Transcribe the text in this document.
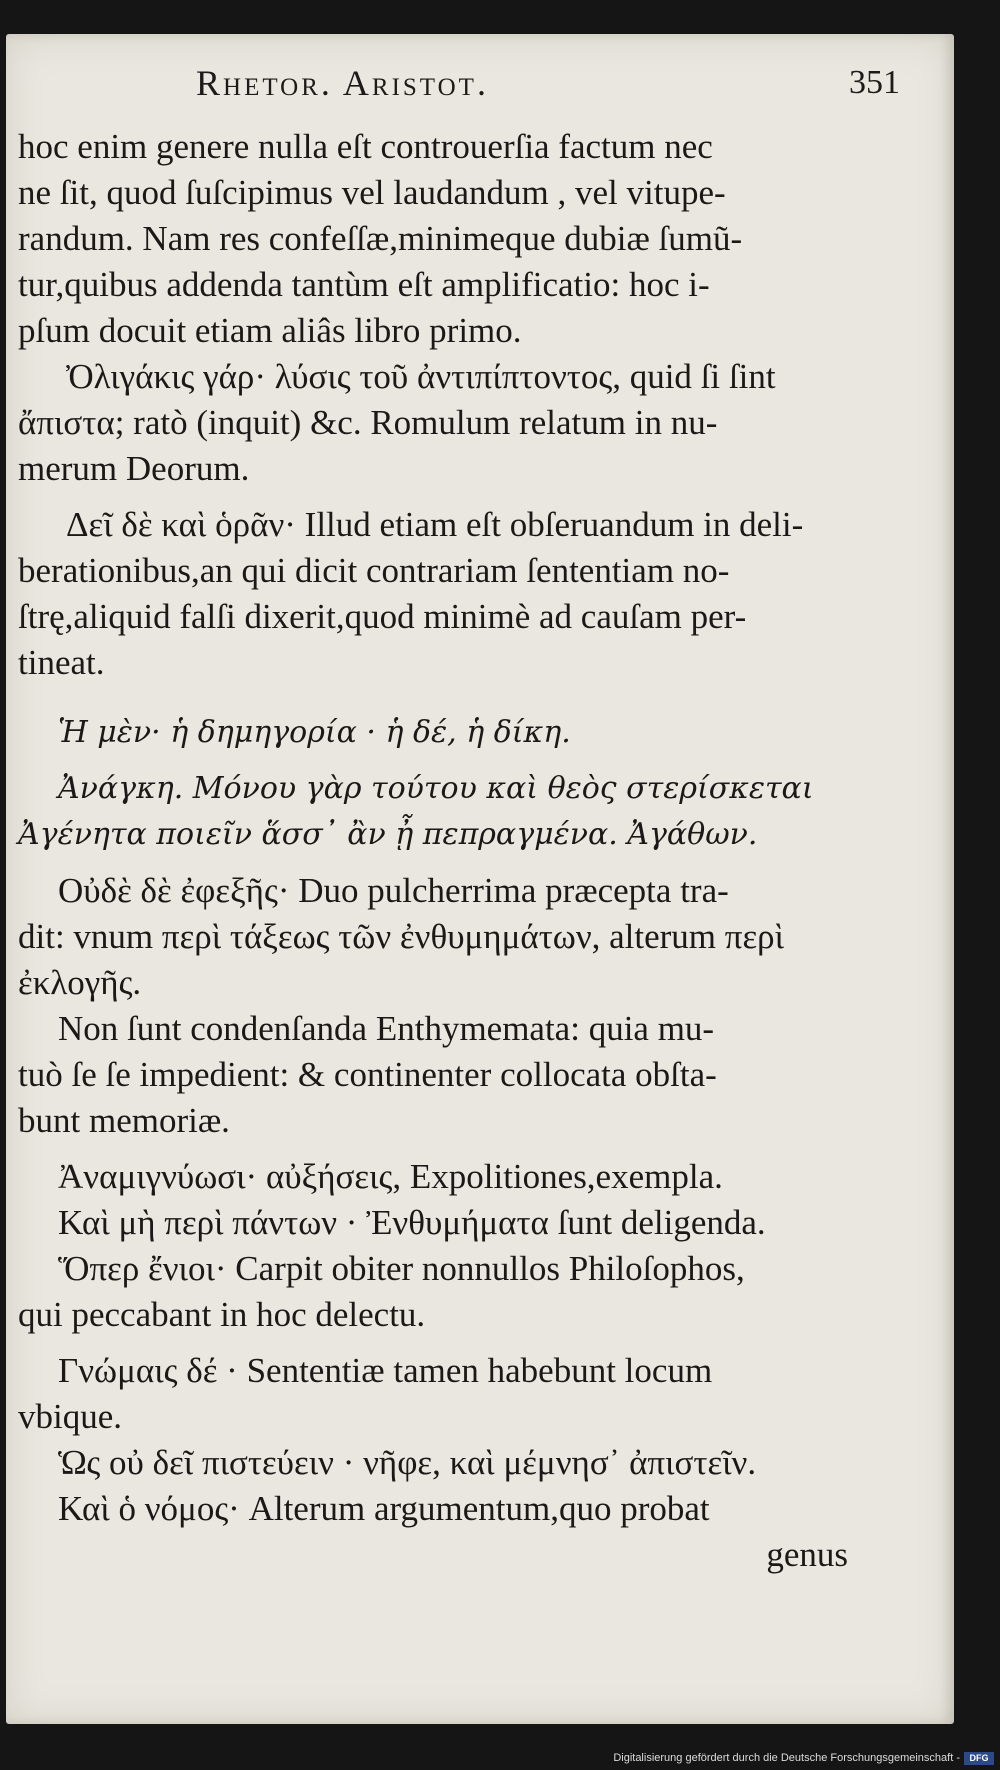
Rhetor. Aristot.	351
hoc enim genere nulla eſt controuerſia factum nec
ne ſit, quod ſuſcipimus vel laudandum , vel vitupe-
randum. Nam res confeſſæ,minimeque dubiæ ſumũ-
tur,quibus addenda tantùm eſt amplificatio: hoc i-
pſum docuit etiam aliâs libro primo.
Ὀλιγάκις γάρ· λύσις τοῦ ἀντιπίπτοντος, quid ſi ſint
ἄπιστα; ratò (inquit) &c. Romulum relatum in nu-
merum Deorum.
Δεῖ δὲ καὶ ὁρᾶν· Illud etiam eſt obſeruandum in deli-
berationibus,an qui dicit contrariam ſententiam no-
ſtrę,aliquid falſi dixerit,quod minimè ad cauſam per-
tineat.
Ἡ μὲν· ἡ δημηγορία · ἡ δέ, ἡ δίκη.
Ἀνάγκη. Μόνου γὰρ τούτου καὶ θεὸς στερίσκεται
Ἀγένητα ποιεῖν ἅσσ᾽ ἂν ᾖ πεπραγμένα. Ἀγάθων.
Οὐδὲ δὲ ἐφεξῆς· Duo pulcherrima præcepta tra-
dit: vnum περὶ τάξεως τῶν ἐνθυμημάτων, alterum περὶ
ἐκλογῆς.
Non ſunt condenſanda Enthymemata: quia mu-
tuò ſe ſe impedient: & continenter collocata obſta-
bunt memoriæ.
Ἀναμιγνύωσι· αὐξήσεις, Expolitiones,exempla.
Καὶ μὴ περὶ πάντων · Ἐνθυμήματα ſunt deligenda.
Ὅπερ ἔνιοι· Carpit obiter nonnullos Philoſophos,
qui peccabant in hoc delectu.
Γνώμαις δέ · Sententiæ tamen habebunt locum
vbique.
Ὡς οὐ δεῖ πιστεύειν · νῆφε, καὶ μέμνησ᾽ ἀπιστεῖν.
Καὶ ὁ νόμος· Alterum argumentum,quo probat
genus
Digitalisierung gefördert durch die Deutsche Forschungsgemeinschaft -	DFG
